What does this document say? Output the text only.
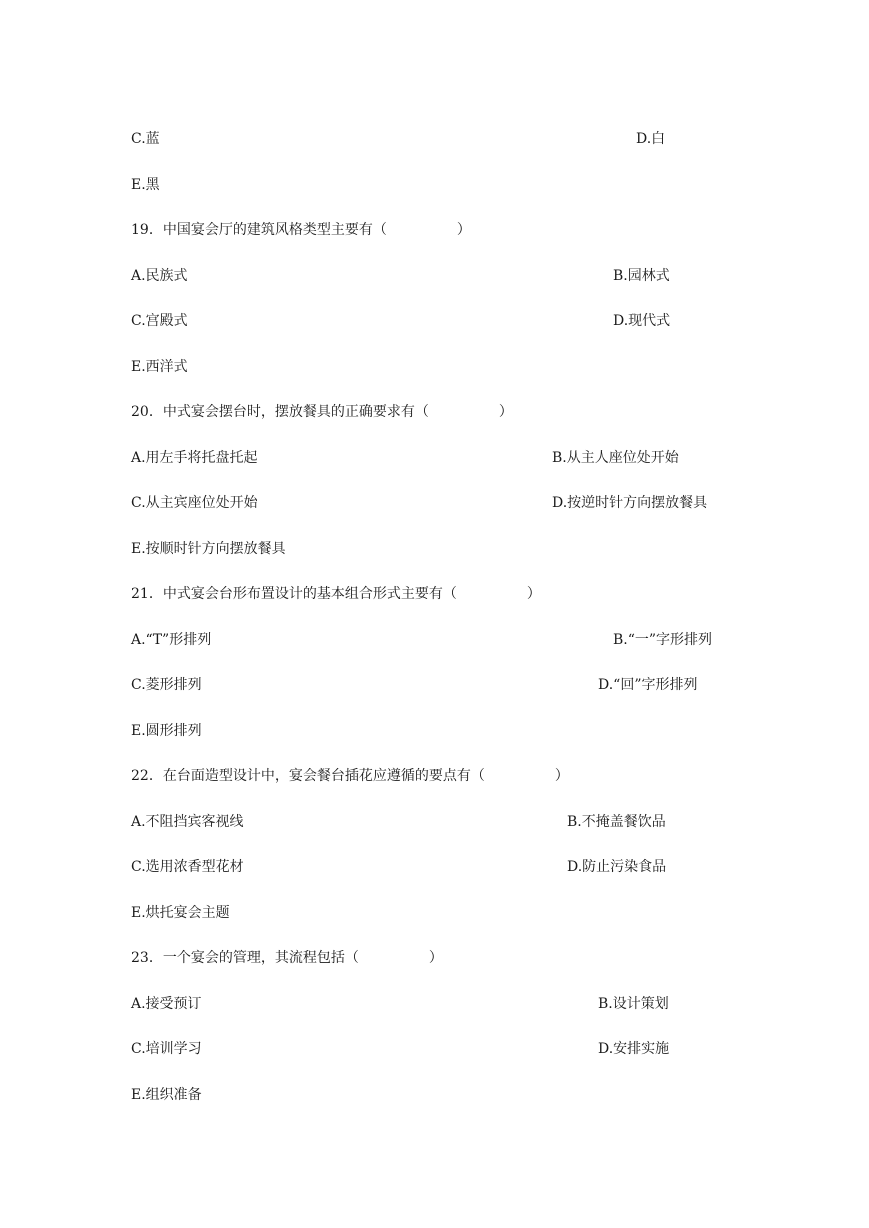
C.蓝	D.白
E.黑
19．中国宴会厅的建筑风格类型主要有（　　　　　）
A.民族式	B.园林式
C.宫殿式	D.现代式
E.西洋式
20．中式宴会摆台时，摆放餐具的正确要求有（　　　　　）
A.用左手将托盘托起	B.从主人座位处开始
C.从主宾座位处开始	D.按逆时针方向摆放餐具
E.按顺时针方向摆放餐具
21．中式宴会台形布置设计的基本组合形式主要有（　　　　　）
A.“T”形排列	B.“一”字形排列
C.菱形排列	D.“回”字形排列
E.圆形排列
22．在台面造型设计中，宴会餐台插花应遵循的要点有（　　　　　）
A.不阻挡宾客视线	B.不掩盖餐饮品
C.选用浓香型花材	D.防止污染食品
E.烘托宴会主题
23．一个宴会的管理，其流程包括（　　　　　）
A.接受预订	B.设计策划
C.培训学习	D.安排实施
E.组织准备
